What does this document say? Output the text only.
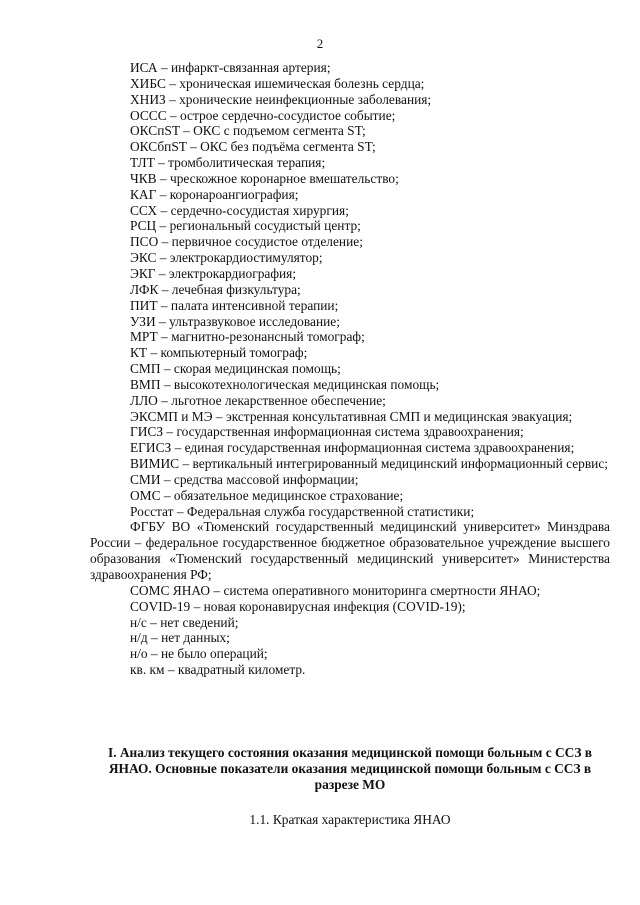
2
ИСА – инфаркт-связанная артерия;
ХИБС – хроническая ишемическая болезнь сердца;
ХНИЗ – хронические неинфекционные заболевания;
ОССС – острое сердечно-сосудистое событие;
ОКСпST – ОКС с подъемом сегмента ST;
ОКСбпST – ОКС без подъёма сегмента ST;
ТЛТ – тромболитическая терапия;
ЧКВ – чрескожное коронарное вмешательство;
КАГ – коронароангиография;
ССХ – сердечно-сосудистая хирургия;
РСЦ – региональный сосудистый центр;
ПСО – первичное сосудистое отделение;
ЭКС – электрокардиостимулятор;
ЭКГ – электрокардиография;
ЛФК – лечебная физкультура;
ПИТ – палата интенсивной терапии;
УЗИ – ультразвуковое исследование;
МРТ – магнитно-резонансный томограф;
КТ – компьютерный томограф;
СМП – скорая медицинская помощь;
ВМП – высокотехнологическая медицинская помощь;
ЛЛО – льготное лекарственное обеспечение;
ЭКСМП и МЭ – экстренная консультативная СМП и медицинская эвакуация;
ГИСЗ – государственная информационная система здравоохранения;
ЕГИСЗ – единая государственная информационная система здравоохранения;
ВИМИС – вертикальный интегрированный медицинский информационный сервис;
СМИ – средства массовой информации;
ОМС – обязательное медицинское страхование;
Росстат – Федеральная служба государственной статистики;
ФГБУ ВО «Тюменский государственный медицинский университет» Минздрава России – федеральное государственное бюджетное образовательное учреждение высшего образования «Тюменский государственный медицинский университет» Министерства здравоохранения РФ;
СОМС ЯНАО – система оперативного мониторинга смертности ЯНАО;
COVID-19 – новая коронавирусная инфекция (COVID-19);
н/с – нет сведений;
н/д – нет данных;
н/о – не было операций;
кв. км – квадратный километр.
I. Анализ текущего состояния оказания медицинской помощи больным с ССЗ в ЯНАО. Основные показатели оказания медицинской помощи больным с ССЗ в разрезе МО
1.1. Краткая характеристика ЯНАО
